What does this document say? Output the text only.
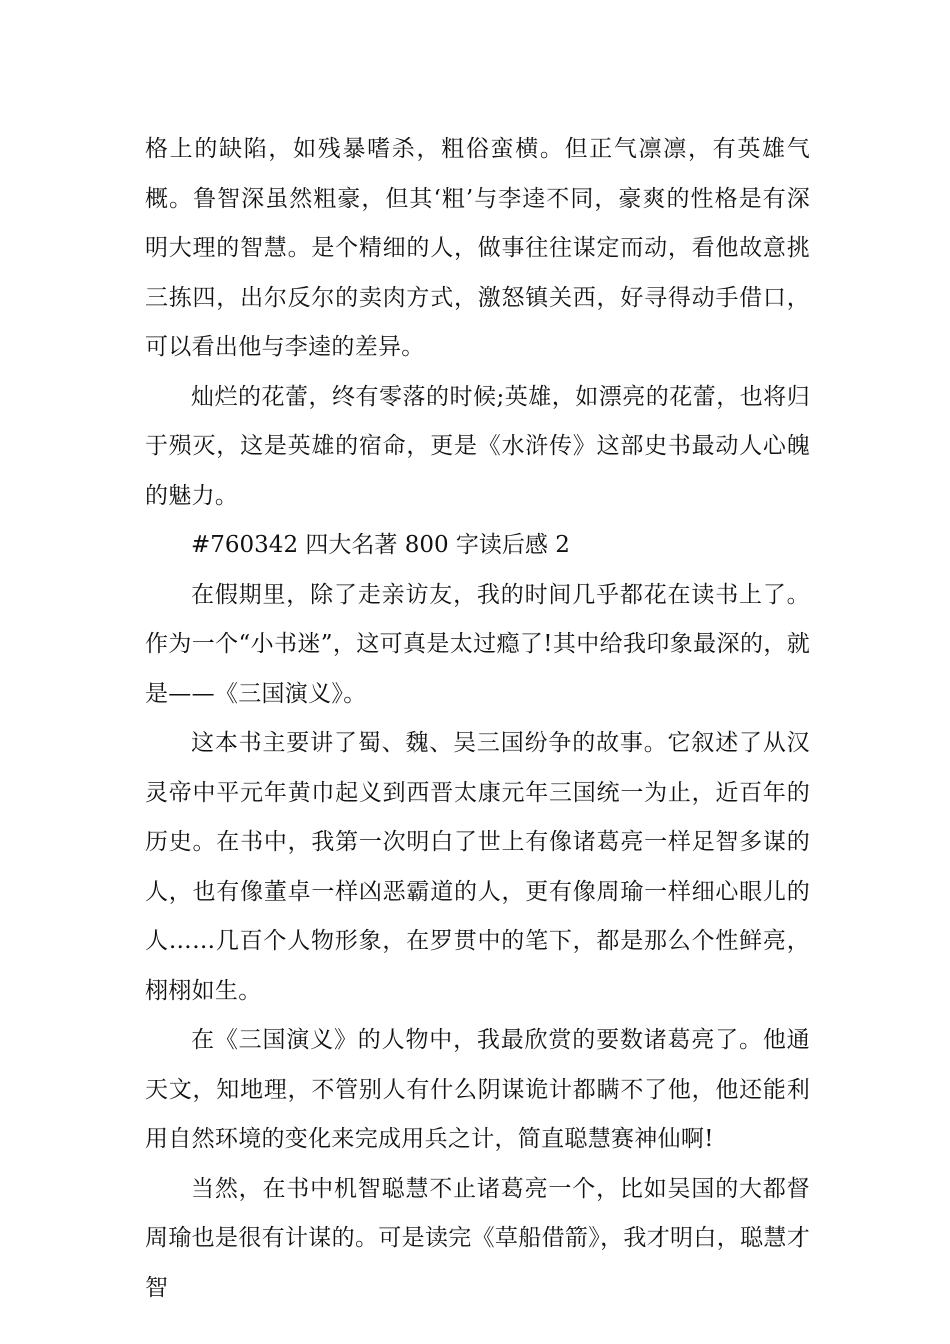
格上的缺陷，如残暴嗜杀，粗俗蛮横。但正气凛凛，有英雄气概。鲁智深虽然粗豪，但其‘粗’与李逵不同，豪爽的性格是有深明大理的智慧。是个精细的人，做事往往谋定而动，看他故意挑三拣四，出尔反尔的卖肉方式，激怒镇关西，好寻得动手借口，可以看出他与李逵的差异。

灿烂的花蕾，终有零落的时候;英雄，如漂亮的花蕾，也将归于殒灭，这是英雄的宿命，更是《水浒传》这部史书最动人心魄的魅力。

#760342 四大名著 800 字读后感 2

在假期里，除了走亲访友，我的时间几乎都花在读书上了。作为一个“小书迷”，这可真是太过瘾了!其中给我印象最深的，就是——《三国演义》。

这本书主要讲了蜀、魏、吴三国纷争的故事。它叙述了从汉灵帝中平元年黄巾起义到西晋太康元年三国统一为止，近百年的历史。在书中，我第一次明白了世上有像诸葛亮一样足智多谋的人，也有像董卓一样凶恶霸道的人，更有像周瑜一样细心眼儿的人……几百个人物形象，在罗贯中的笔下，都是那么个性鲜亮，栩栩如生。

在《三国演义》的人物中，我最欣赏的要数诸葛亮了。他通天文，知地理，不管别人有什么阴谋诡计都瞒不了他，他还能利用自然环境的变化来完成用兵之计，简直聪慧赛神仙啊!

当然，在书中机智聪慧不止诸葛亮一个，比如吴国的大都督周瑜也是很有计谋的。可是读完《草船借箭》，我才明白，聪慧才智
